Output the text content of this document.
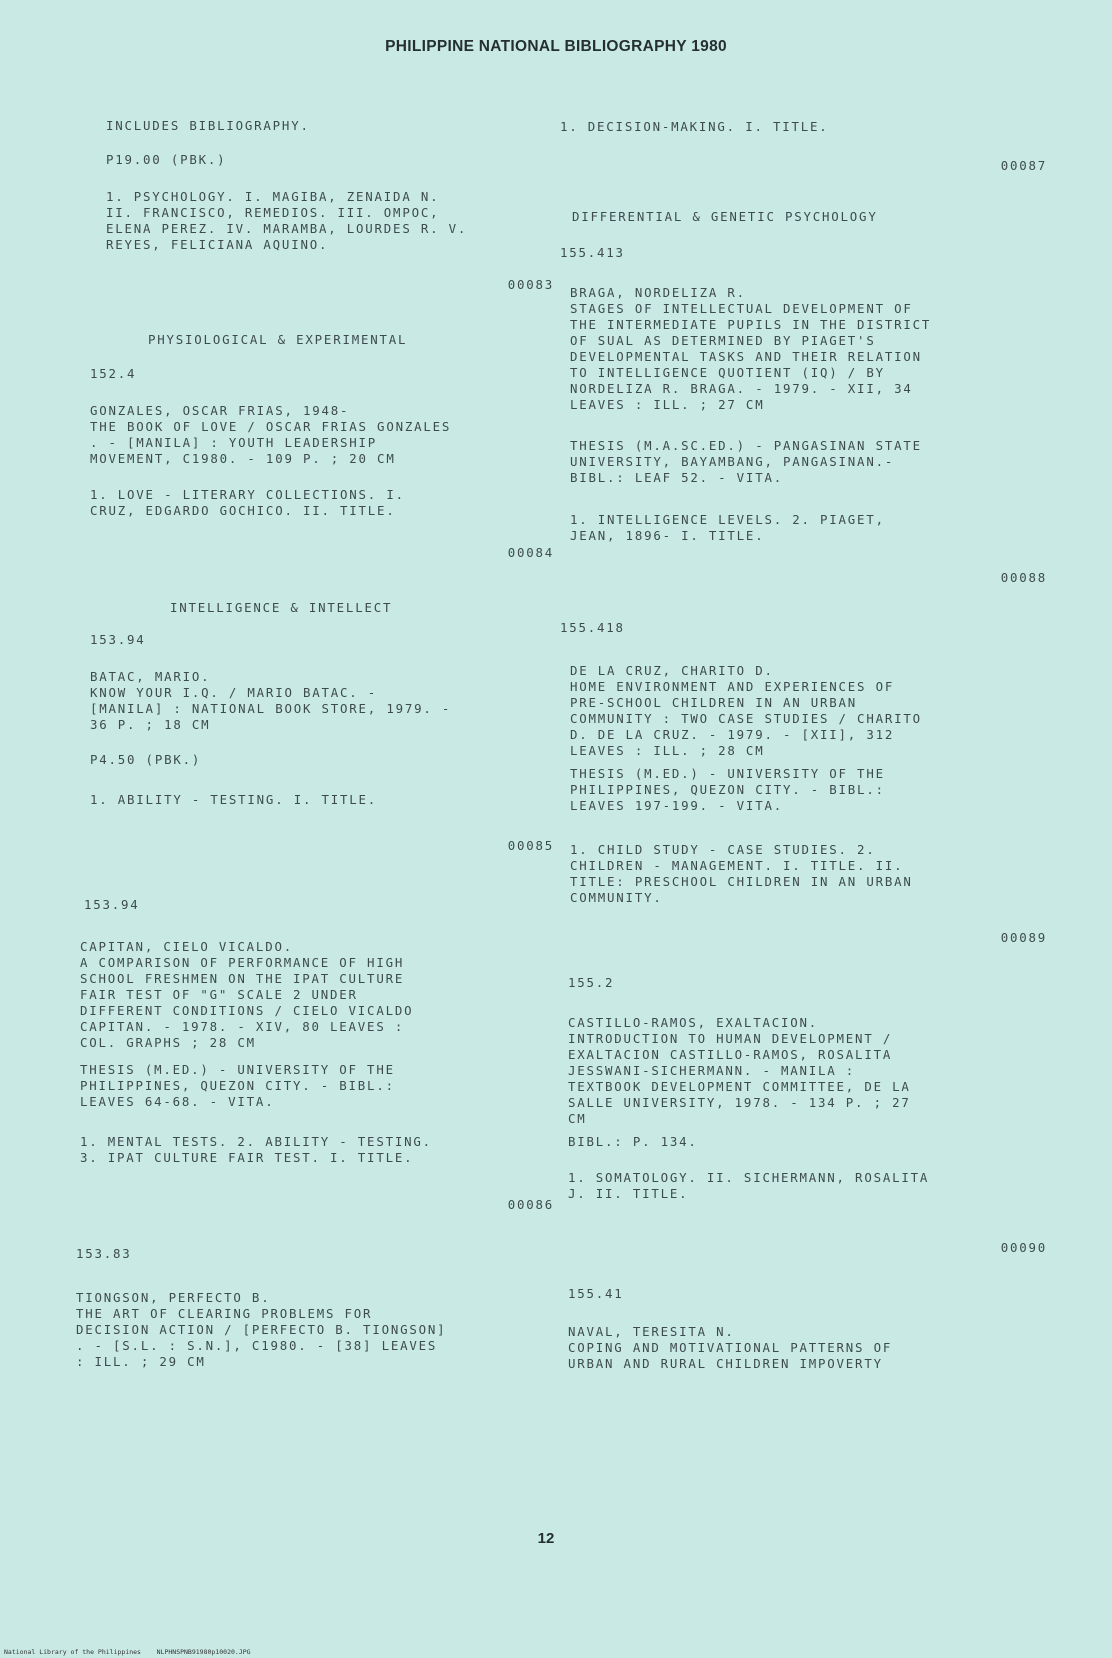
PHILIPPINE NATIONAL BIBLIOGRAPHY 1980
INCLUDES BIBLIOGRAPHY.
P19.00 (PBK.)
1. PSYCHOLOGY. I. MAGIBA, ZENAIDA N.
II. FRANCISCO, REMEDIOS. III. OMPOC,
ELENA PEREZ. IV. MARAMBA, LOURDES R. V.
REYES, FELICIANA AQUINO.
00083
PHYSIOLOGICAL & EXPERIMENTAL
152.4
GONZALES, OSCAR FRIAS, 1948-
THE BOOK OF LOVE / OSCAR FRIAS GONZALES
. - [MANILA] : YOUTH LEADERSHIP
MOVEMENT, C1980. - 109 P. ; 20 CM
1. LOVE - LITERARY COLLECTIONS. I.
CRUZ, EDGARDO GOCHICO. II. TITLE.
00084
INTELLIGENCE & INTELLECT
153.94
BATAC, MARIO.
KNOW YOUR I.Q. / MARIO BATAC. -
[MANILA] : NATIONAL BOOK STORE, 1979. -
36 P. ; 18 CM
P4.50 (PBK.)
1. ABILITY - TESTING. I. TITLE.
00085
153.94
CAPITAN, CIELO VICALDO.
A COMPARISON OF PERFORMANCE OF HIGH
SCHOOL FRESHMEN ON THE IPAT CULTURE
FAIR TEST OF "G" SCALE 2 UNDER
DIFFERENT CONDITIONS / CIELO VICALDO
CAPITAN. - 1978. - XIV, 80 LEAVES :
COL. GRAPHS ; 28 CM
THESIS (M.ED.) - UNIVERSITY OF THE
PHILIPPINES, QUEZON CITY. - BIBL.:
LEAVES 64-68. - VITA.
1. MENTAL TESTS. 2. ABILITY - TESTING.
3. IPAT CULTURE FAIR TEST. I. TITLE.
00086
153.83
TIONGSON, PERFECTO B.
THE ART OF CLEARING PROBLEMS FOR
DECISION ACTION / [PERFECTO B. TIONGSON]
. - [S.L. : S.N.], C1980. - [38] LEAVES
: ILL. ; 29 CM
1. DECISION-MAKING. I. TITLE.
00087
DIFFERENTIAL & GENETIC PSYCHOLOGY
155.413
BRAGA, NORDELIZA R.
STAGES OF INTELLECTUAL DEVELOPMENT OF
THE INTERMEDIATE PUPILS IN THE DISTRICT
OF SUAL AS DETERMINED BY PIAGET'S
DEVELOPMENTAL TASKS AND THEIR RELATION
TO INTELLIGENCE QUOTIENT (IQ) / BY
NORDELIZA R. BRAGA. - 1979. - XII, 34
LEAVES : ILL. ; 27 CM
THESIS (M.A.SC.ED.) - PANGASINAN STATE
UNIVERSITY, BAYAMBANG, PANGASINAN.-
BIBL.: LEAF 52. - VITA.
1. INTELLIGENCE LEVELS. 2. PIAGET,
JEAN, 1896- I. TITLE.
00088
155.418
DE LA CRUZ, CHARITO D.
HOME ENVIRONMENT AND EXPERIENCES OF
PRE-SCHOOL CHILDREN IN AN URBAN
COMMUNITY : TWO CASE STUDIES / CHARITO
D. DE LA CRUZ. - 1979. - [XII], 312
LEAVES : ILL. ; 28 CM
THESIS (M.ED.) - UNIVERSITY OF THE
PHILIPPINES, QUEZON CITY. - BIBL.:
LEAVES 197-199. - VITA.
1. CHILD STUDY - CASE STUDIES. 2.
CHILDREN - MANAGEMENT. I. TITLE. II.
TITLE: PRESCHOOL CHILDREN IN AN URBAN
COMMUNITY.
00089
155.2
CASTILLO-RAMOS, EXALTACION.
INTRODUCTION TO HUMAN DEVELOPMENT /
EXALTACION CASTILLO-RAMOS, ROSALITA
JESSWANI-SICHERMANN. - MANILA :
TEXTBOOK DEVELOPMENT COMMITTEE, DE LA
SALLE UNIVERSITY, 1978. - 134 P. ; 27
CM
BIBL.: P. 134.
1. SOMATOLOGY. II. SICHERMANN, ROSALITA
J. II. TITLE.
00090
155.41
NAVAL, TERESITA N.
COPING AND MOTIVATIONAL PATTERNS OF
URBAN AND RURAL CHILDREN IMPOVERTY
12
National Library of the Philippines NLPHNSPNB91980p10020.JPG
